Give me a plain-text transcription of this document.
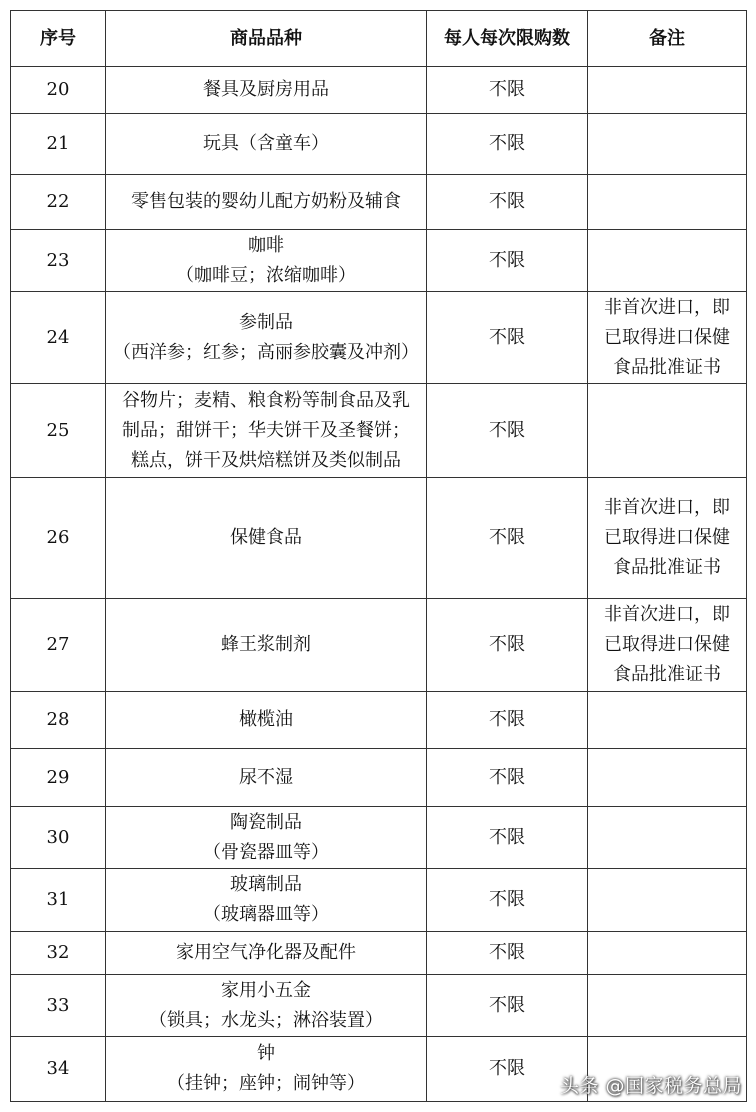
序号	商品品种	每人每次限购数	备注
20	餐具及厨房用品	不限	
21	玩具（含童车）	不限	
22	零售包装的婴幼儿配方奶粉及辅食	不限	
23	咖啡
（咖啡豆；浓缩咖啡）	不限	
24	参制品
（西洋参；红参；高丽参胶囊及冲剂）	不限	非首次进口，即
已取得进口保健
食品批准证书

25	谷物片；麦精、粮食粉等制食品及乳
制品；甜饼干；华夫饼干及圣餐饼；
糕点，饼干及烘焙糕饼及类似制品	不限	
26	保健食品	不限	非首次进口，即
已取得进口保健
食品批准证书

27	蜂王浆制剂	不限	非首次进口，即
已取得进口保健
食品批准证书

28	橄榄油	不限	
29	尿不湿	不限	
30	陶瓷制品
（骨瓷器皿等）	不限	
31	玻璃制品
（玻璃器皿等）	不限	
32	家用空气净化器及配件	不限	
33	家用小五金
（锁具；水龙头；淋浴装置）	不限	
34	钟
（挂钟；座钟；闹钟等）	不限	
头条 @国家税务总局
